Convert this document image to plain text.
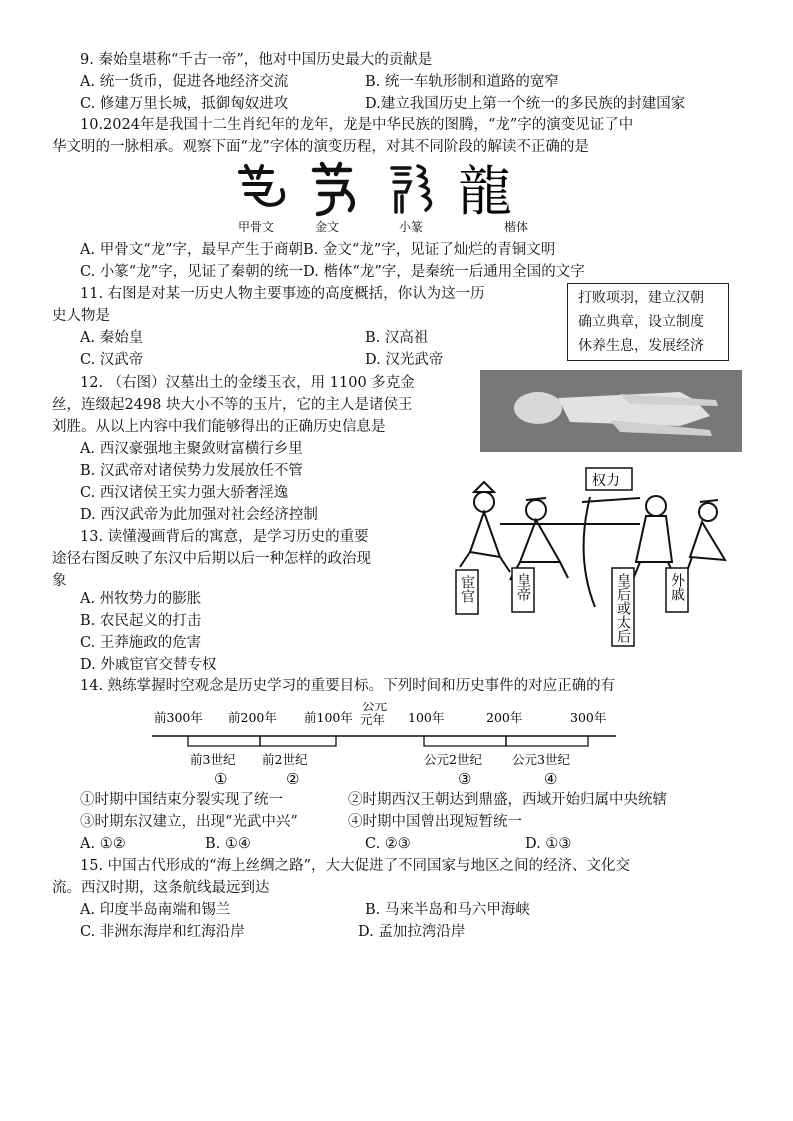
9. 秦始皇堪称“千古一帝”，他对中国历史最大的贡献是
A. 统一货币，促进各地经济交流	B. 统一车轨形制和道路的宽窄
C. 修建万里长城，抵御匈奴进攻	D.建立我国历史上第一个统一的多民族的封建国家
10.2024年是我国十二生肖纪年的龙年，龙是中华民族的图腾，“龙”字的演变见证了中
华文明的一脉相承。观察下面“龙”字体的演变历程，对其不同阶段的解读不正确的是
龍
甲骨文	金文	小篆	楷体
A. 甲骨文“龙”字，最早产生于商朝B. 金文“龙”字，见证了灿烂的青铜文明
C. 小篆“龙”字，见证了秦朝的统一D. 楷体“龙”字，是秦统一后通用全国的文字
11. 右图是对某一历史人物主要事迹的高度概括，你认为这一历
史人物是
A. 秦始皇	B. 汉高祖
C. 汉武帝	D. 汉光武帝
打败项羽，建立汉朝
确立典章，设立制度
休养生息，发展经济
12. （右图）汉墓出土的金缕玉衣，用 1100 多克金
丝，连缀起2498 块大小不等的玉片，它的主人是诸侯王
刘胜。从以上内容中我们能够得出的正确历史信息是
A. 西汉豪强地主聚敛财富横行乡里
B. 汉武帝对诸侯势力发展放任不管
C. 西汉诸侯王实力强大骄奢淫逸
D. 西汉武帝为此加强对社会经济控制
13. 读懂漫画背后的寓意，是学习历史的重要
途径右图反映了东汉中后期以后一种怎样的政治现
象
A. 州牧势力的膨胀
B. 农民起义的打击
C. 王莽施政的危害
D. 外戚宦官交替专权
权力
宦官	皇帝	皇后或太后	外戚
14. 熟练掌握时空观念是历史学习的重要目标。下列时间和历史事件的对应正确的有
前300年 前200年 前100年
公元
元年 100年	200年	300年
前3世纪 前2世纪	公元2世纪 公元3世纪
①	②	③	④
①时期中国结束分裂实现了统一	②时期西汉王朝达到鼎盛，西域开始归属中央统辖
③时期东汉建立，出现“光武中兴”	④时期中国曾出现短暂统一
A. ①②	B. ①④	C. ②③	D. ①③
15. 中国古代形成的“海上丝绸之路”，大大促进了不同国家与地区之间的经济、文化交
流。西汉时期，这条航线最远到达
A. 印度半岛南端和锡兰	B. 马来半岛和马六甲海峡
C. 非洲东海岸和红海沿岸	D. 孟加拉湾沿岸
